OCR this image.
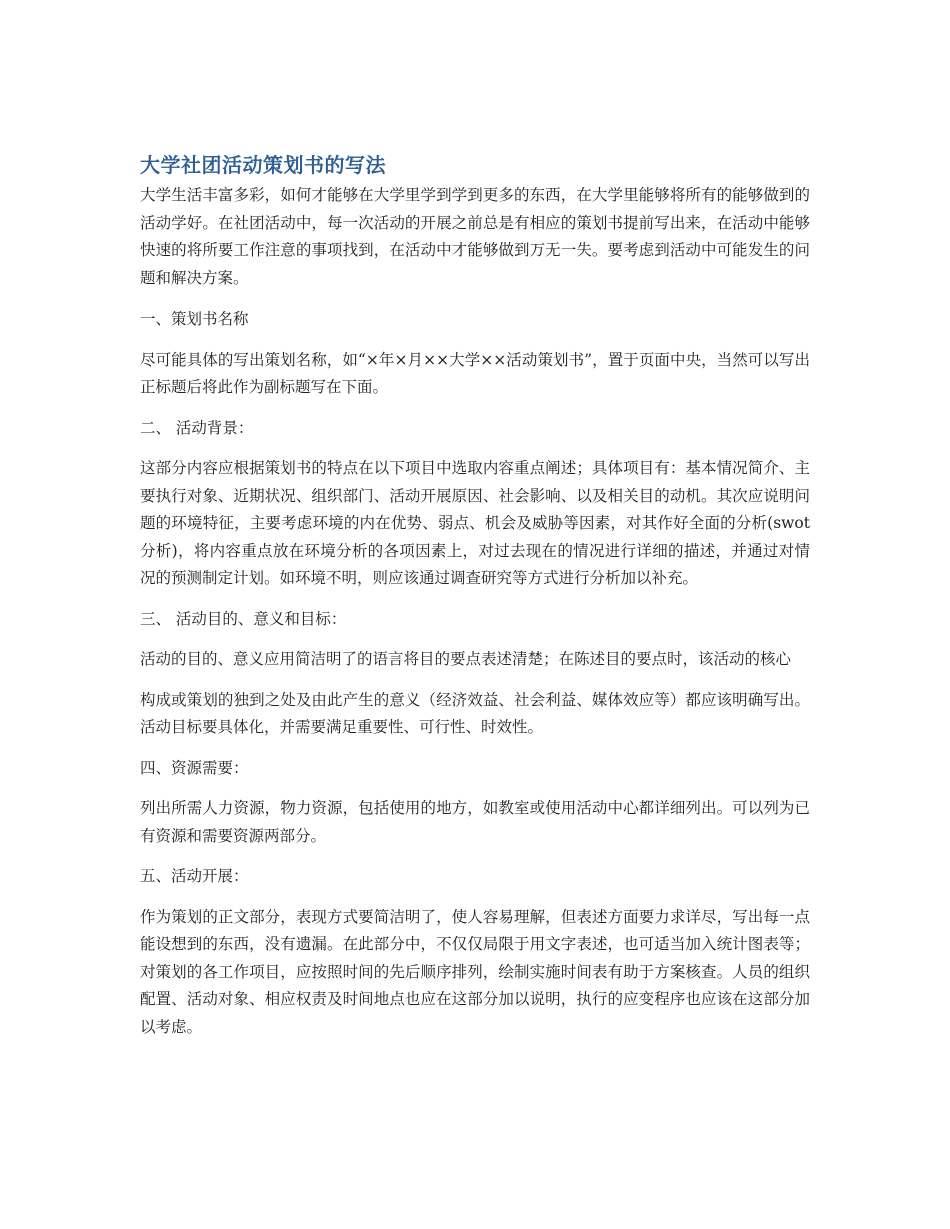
大学社团活动策划书的写法

大学生活丰富多彩，如何才能够在大学里学到学到更多的东西，在大学里能够将所有的能够做到的活动学好。在社团活动中，每一次活动的开展之前总是有相应的策划书提前写出来，在活动中能够快速的将所要工作注意的事项找到，在活动中才能够做到万无一失。要考虑到活动中可能发生的问题和解决方案。

一、策划书名称

尽可能具体的写出策划名称，如“×年×月××大学××活动策划书”，置于页面中央，当然可以写出正标题后将此作为副标题写在下面。

二、 活动背景：

这部分内容应根据策划书的特点在以下项目中选取内容重点阐述；具体项目有：基本情况简介、主要执行对象、近期状况、组织部门、活动开展原因、社会影响、以及相关目的动机。其次应说明问题的环境特征，主要考虑环境的内在优势、弱点、机会及威胁等因素，对其作好全面的分析(swot 分析)，将内容重点放在环境分析的各项因素上，对过去现在的情况进行详细的描述，并通过对情况的预测制定计划。如环境不明，则应该通过调查研究等方式进行分析加以补充。

三、 活动目的、意义和目标：

活动的目的、意义应用简洁明了的语言将目的要点表述清楚；在陈述目的要点时，该活动的核心

构成或策划的独到之处及由此产生的意义（经济效益、社会利益、媒体效应等）都应该明确写出。活动目标要具体化，并需要满足重要性、可行性、时效性。

四、资源需要：

列出所需人力资源，物力资源，包括使用的地方，如教室或使用活动中心都详细列出。可以列为已有资源和需要资源两部分。

五、活动开展：

作为策划的正文部分，表现方式要简洁明了，使人容易理解，但表述方面要力求详尽，写出每一点能设想到的东西，没有遗漏。在此部分中，不仅仅局限于用文字表述，也可适当加入统计图表等；对策划的各工作项目，应按照时间的先后顺序排列，绘制实施时间表有助于方案核查。人员的组织配置、活动对象、相应权责及时间地点也应在这部分加以说明，执行的应变程序也应该在这部分加以考虑。
